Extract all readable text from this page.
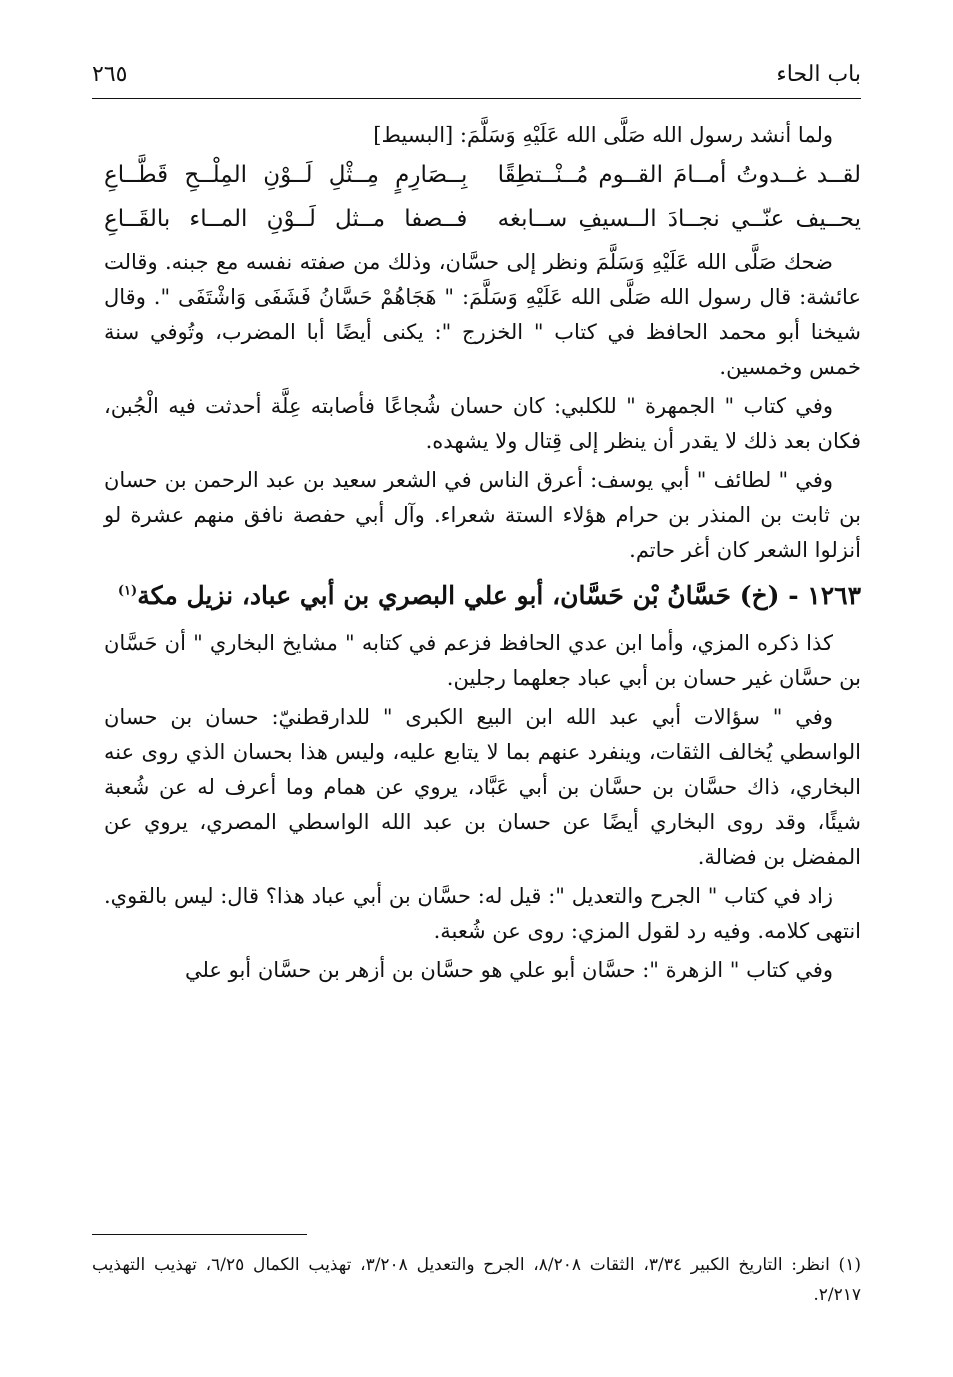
باب الحاء
٢٦٥

ولما أنشد رسول الله صَلَّى الله عَلَيْهِ وَسَلَّمَ: [البسيط]

لقــد غــدوتُ أمــامَ القــوم مُــنْــتطِقًا
بِــصَارِمٍ مِــثْلِ لَــوْنِ المِلْــحِ قَطَّــاعِ
يحــيف عنّــي نجــادَ الــسيفِ ســابغه
فــصفا مــثل لَــوْنِ المــاء بالقَــاعِ

ضحك صَلَّى الله عَلَيْهِ وَسَلَّمَ ونظر إلى حسَّان، وذلك من صفته نفسه مع جبنه. وقالت عائشة: قال رسول الله صَلَّى الله عَلَيْهِ وَسَلَّمَ: " هَجَاهُمْ حَسَّانُ فَشَفَى وَاشْتَفَى ". وقال شيخنا أبو محمد الحافظ في كتاب " الخزرج ": يكنى أيضًا أبا المضرب، وتُوفي سنة خمس وخمسين.

وفي كتاب " الجمهرة " للكلبي: كان حسان شُجاعًا فأصابته عِلَّة أحدثت فيه الْجُبن، فكان بعد ذلك لا يقدر أن ينظر إلى قِتال ولا يشهده.

وفي " لطائف " أبي يوسف: أعرق الناس في الشعر سعيد بن عبد الرحمن بن حسان بن ثابت بن المنذر بن حرام هؤلاء الستة شعراء. وآل أبي حفصة نافق منهم عشرة لو أنزلوا الشعر كان أغر حاتم.

١٢٦٣ - (خ) حَسَّانُ بْن حَسَّان، أبو علي البصري بن أبي عباد، نزيل مكة$^{(١)}$

كذا ذكره المزي، وأما ابن عدي الحافظ فزعم في كتابه " مشايخ البخاري " أن حَسَّان بن حسَّان غير حسان بن أبي عباد جعلهما رجلين.

وفي " سؤالات أبي عبد الله ابن البيع الكبرى " للدارقطنيّ: حسان بن حسان الواسطي يُخالف الثقات، وينفرد عنهم بما لا يتابع عليه، وليس هذا بحسان الذي روى عنه البخاري، ذاك حسَّان بن حسَّان بن أبي عَبَّاد، يروي عن همام وما أعرف له عن شُعبة شيئًا، وقد روى البخاري أيضًا عن حسان بن عبد الله الواسطي المصري، يروي عن المفضل بن فضالة.

زاد في كتاب " الجرح والتعديل ": قيل له: حسَّان بن أبي عباد هذا؟ قال: ليس بالقوي. انتهى كلامه. وفيه رد لقول المزي: روى عن شُعبة.

وفي كتاب " الزهرة ": حسَّان أبو علي هو حسَّان بن أزهر بن حسَّان أبو علي

(١) انظر: التاريخ الكبير ٣/٣٤، الثقات ٨/٢٠٨، الجرح والتعديل ٣/٢٠٨، تهذيب الكمال ٦/٢٥، تهذيب التهذيب ٢/٢١٧.
